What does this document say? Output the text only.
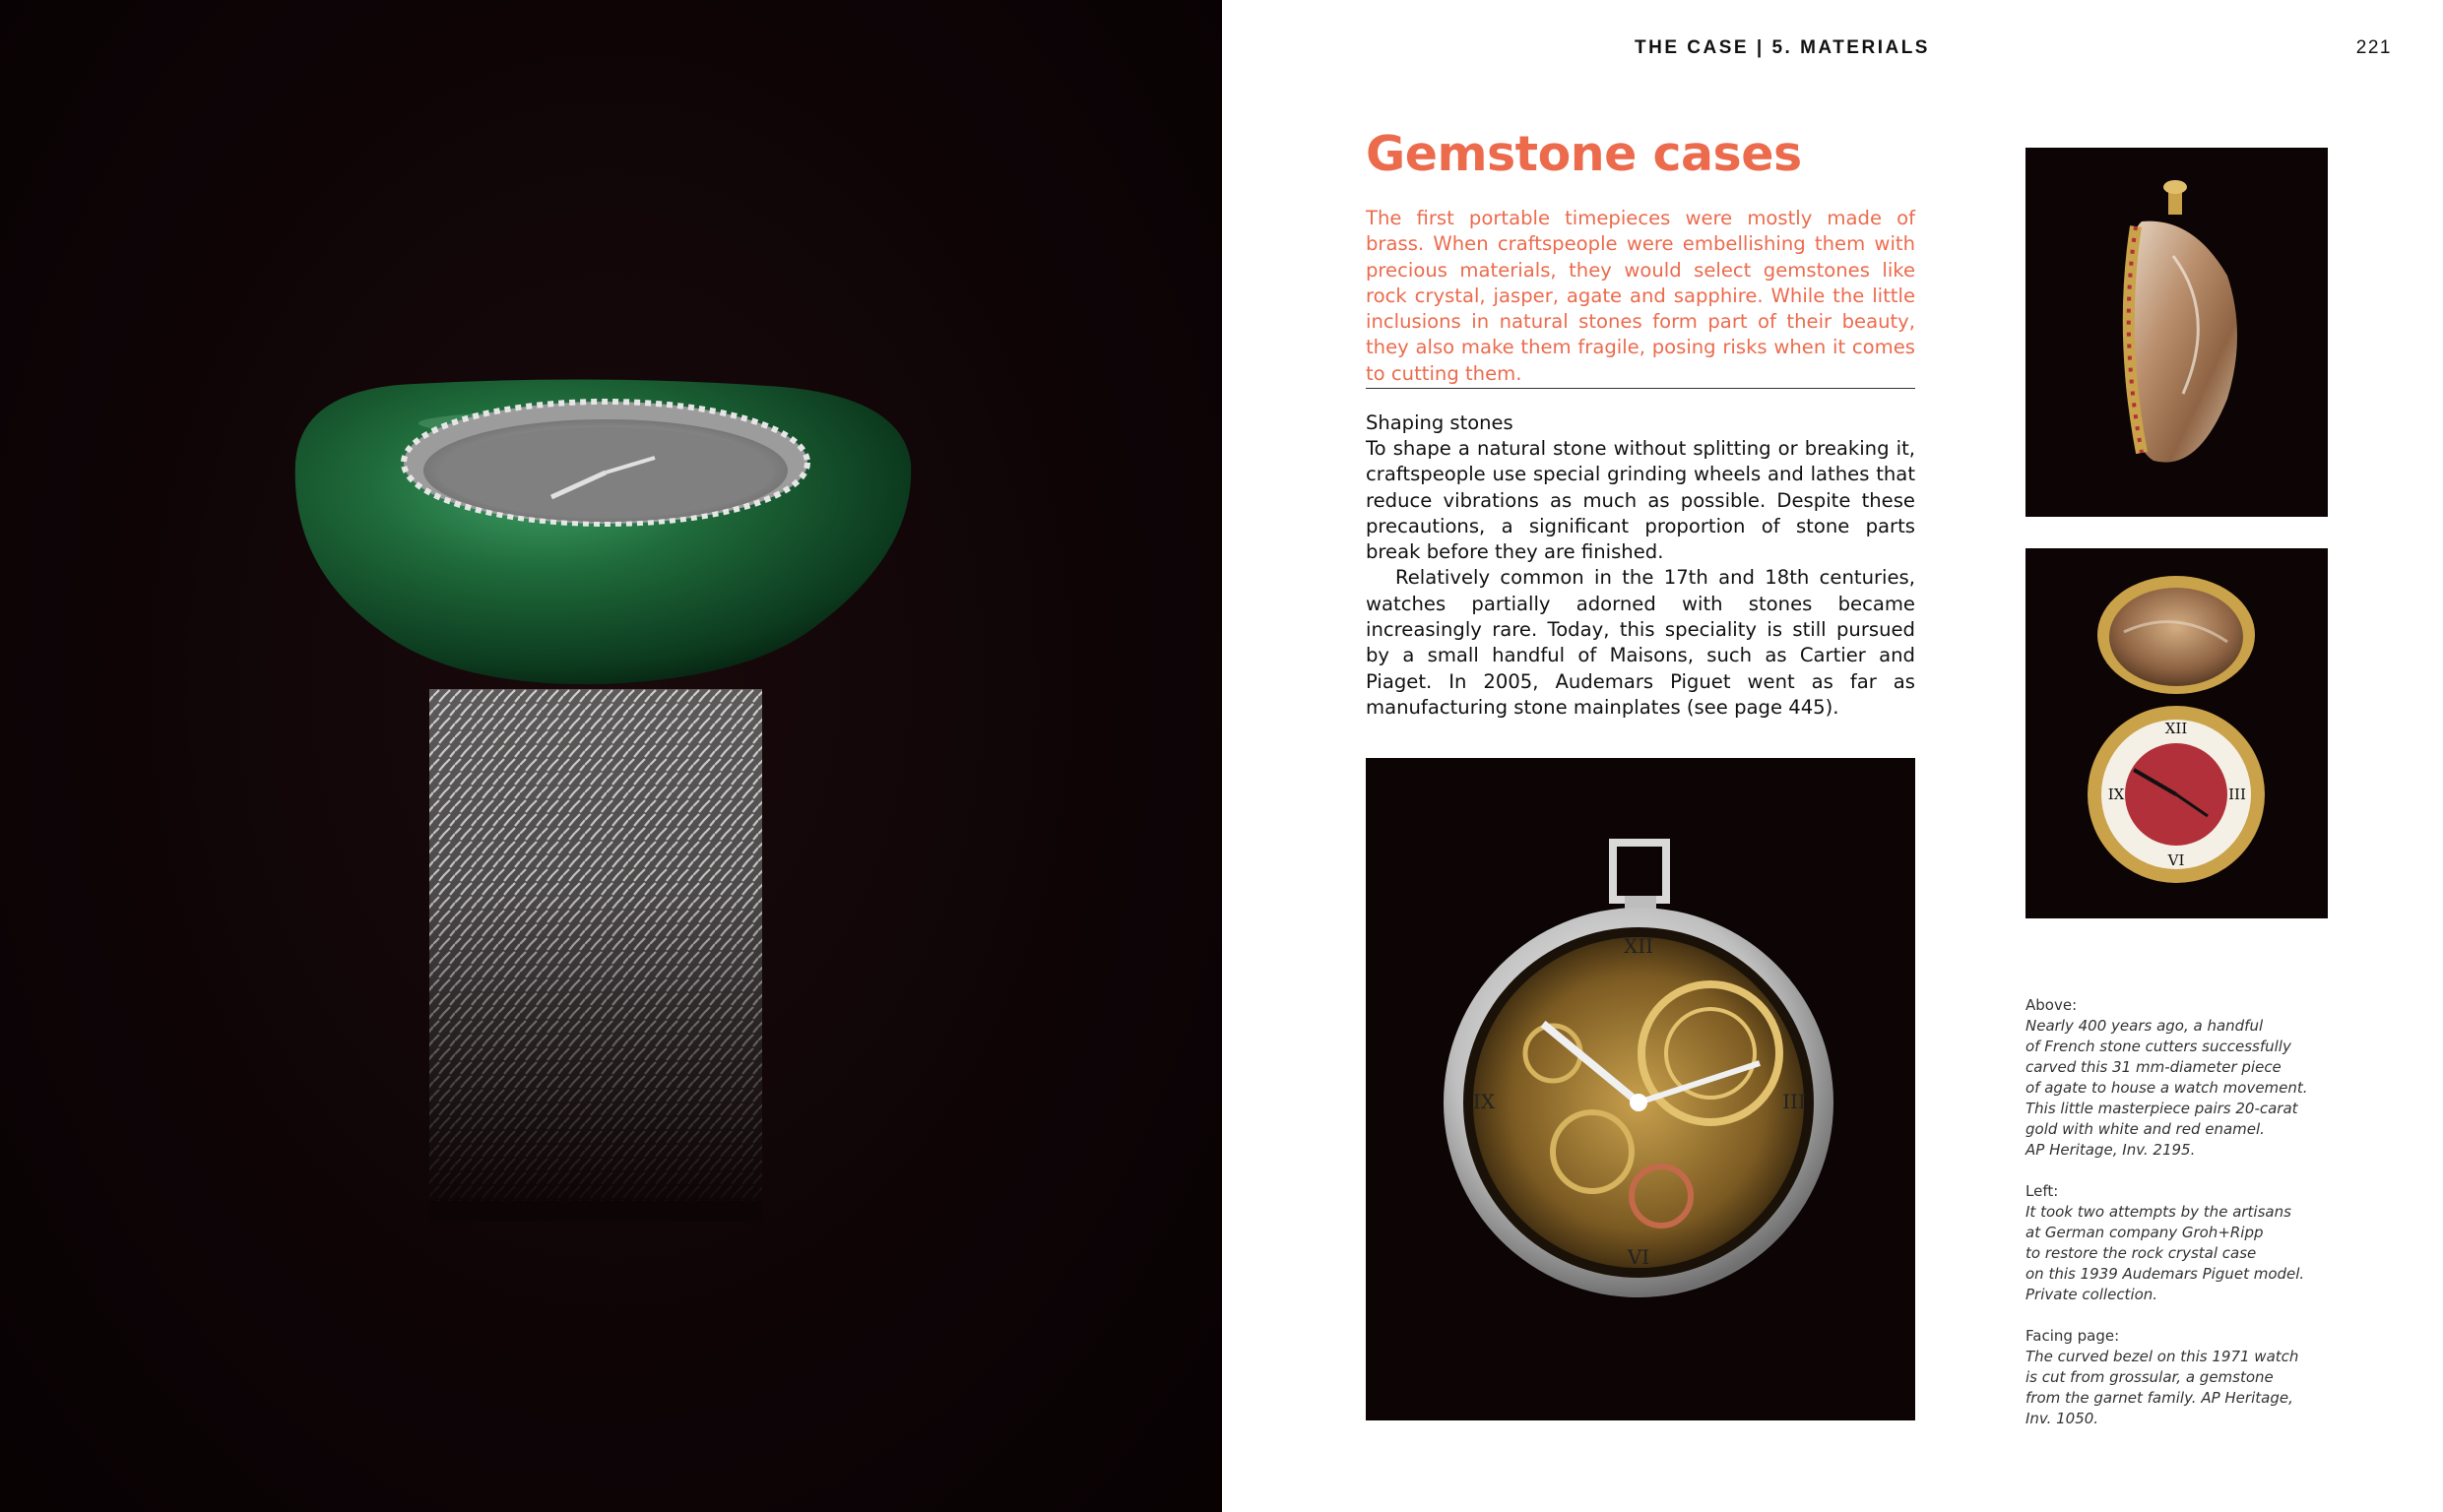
THE CASE | 5. MATERIALS	221
Gemstone cases
The first portable timepieces were mostly made of brass. When craftspeople were embellishing them with precious materials, they would select gemstones like rock crystal, jasper, agate and sapphire. While the little inclusions in natural stones form part of their beauty, they also make them fragile, posing risks when it comes to cutting them.
Shaping stones

To shape a natural stone without splitting or breaking it, craftspeople use special grinding wheels and lathes that reduce vibrations as much as possible. Despite these precautions, a significant proportion of stone parts break before they are finished.

Relatively common in the 17th and 18th centuries, watches partially adorned with stones became increasingly rare. Today, this speciality is still pursued by a small handful of Maisons, such as Cartier and Piaget. In 2005, Audemars Piguet went as far as manufacturing stone mainplates (see page 445).

XII
III
VI
IX
XII
III
VI
IX
Above:
Nearly 400 years ago, a handful
of French stone cutters successfully
carved this 31 mm-diameter piece
of agate to house a watch movement.
This little masterpiece pairs 20-carat
gold with white and red enamel.
AP Heritage, Inv. 2195.
Left:
It took two attempts by the artisans
at German company Groh+Ripp
to restore the rock crystal case
on this 1939 Audemars Piguet model.
Private collection.
Facing page:
The curved bezel on this 1971 watch
is cut from grossular, a gemstone
from the garnet family. AP Heritage,
Inv. 1050.
